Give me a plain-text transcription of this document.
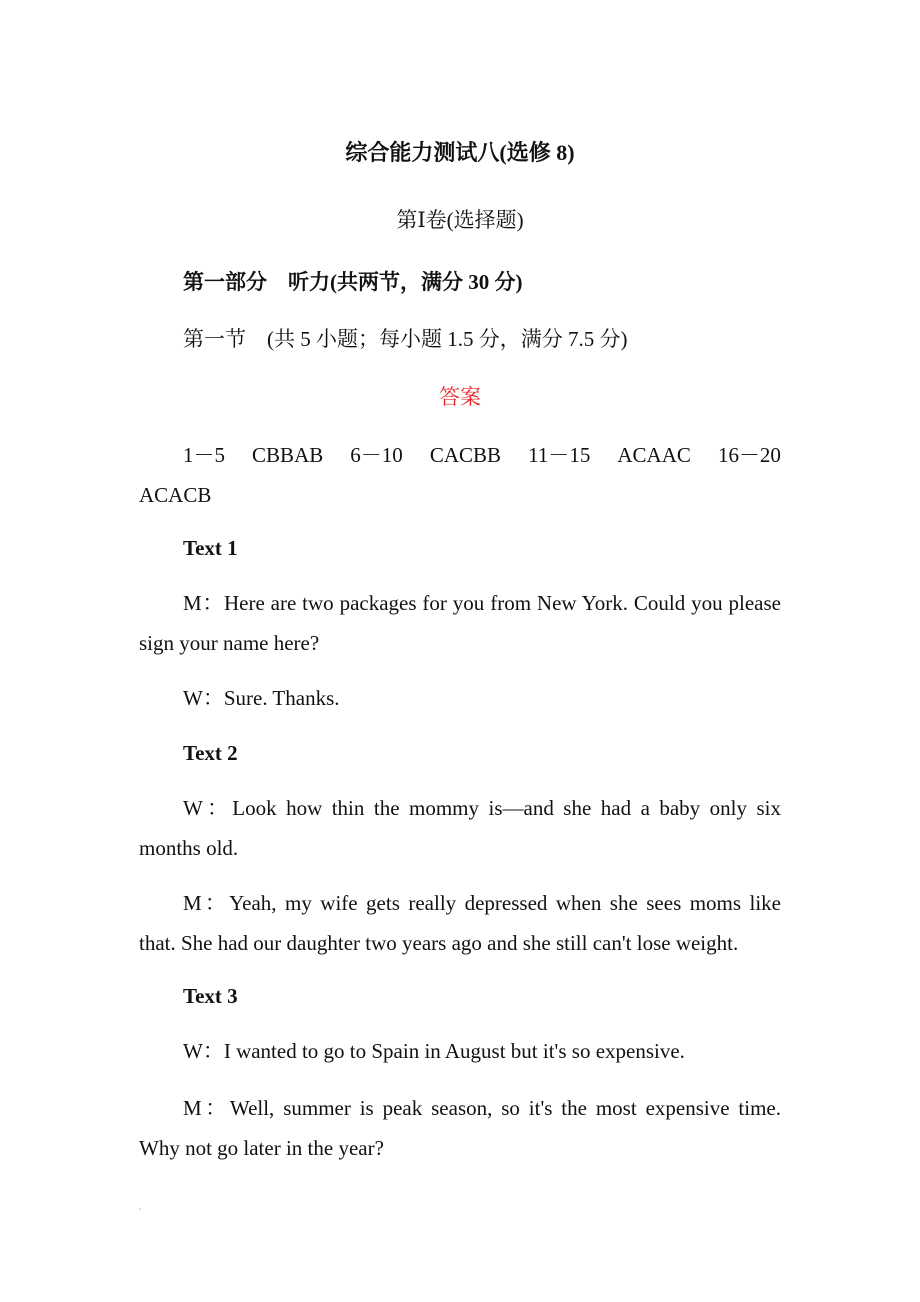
综合能力测试八(选修 8)
第Ⅰ卷(选择题)
第一部分　听力(共两节，满分 30 分)
第一节　(共 5 小题；每小题 1.5 分，满分 7.5 分)
答案
1－5 CBBAB 6－10 CACBB 11－15 ACAAC 16－20
ACACB
Text 1
M：Here are two packages for you from New York. Could you please sign your name here?
W：Sure. Thanks.
Text 2
W：Look how thin the mommy is—and she had a baby only six months old.
M：Yeah, my wife gets really depressed when she sees moms like that. She had our daughter two years ago and she still can't lose weight.
Text 3
W：I wanted to go to Spain in August but it's so expensive.
M：Well, summer is peak season, so it's the most expensive time. Why not go later in the year?
